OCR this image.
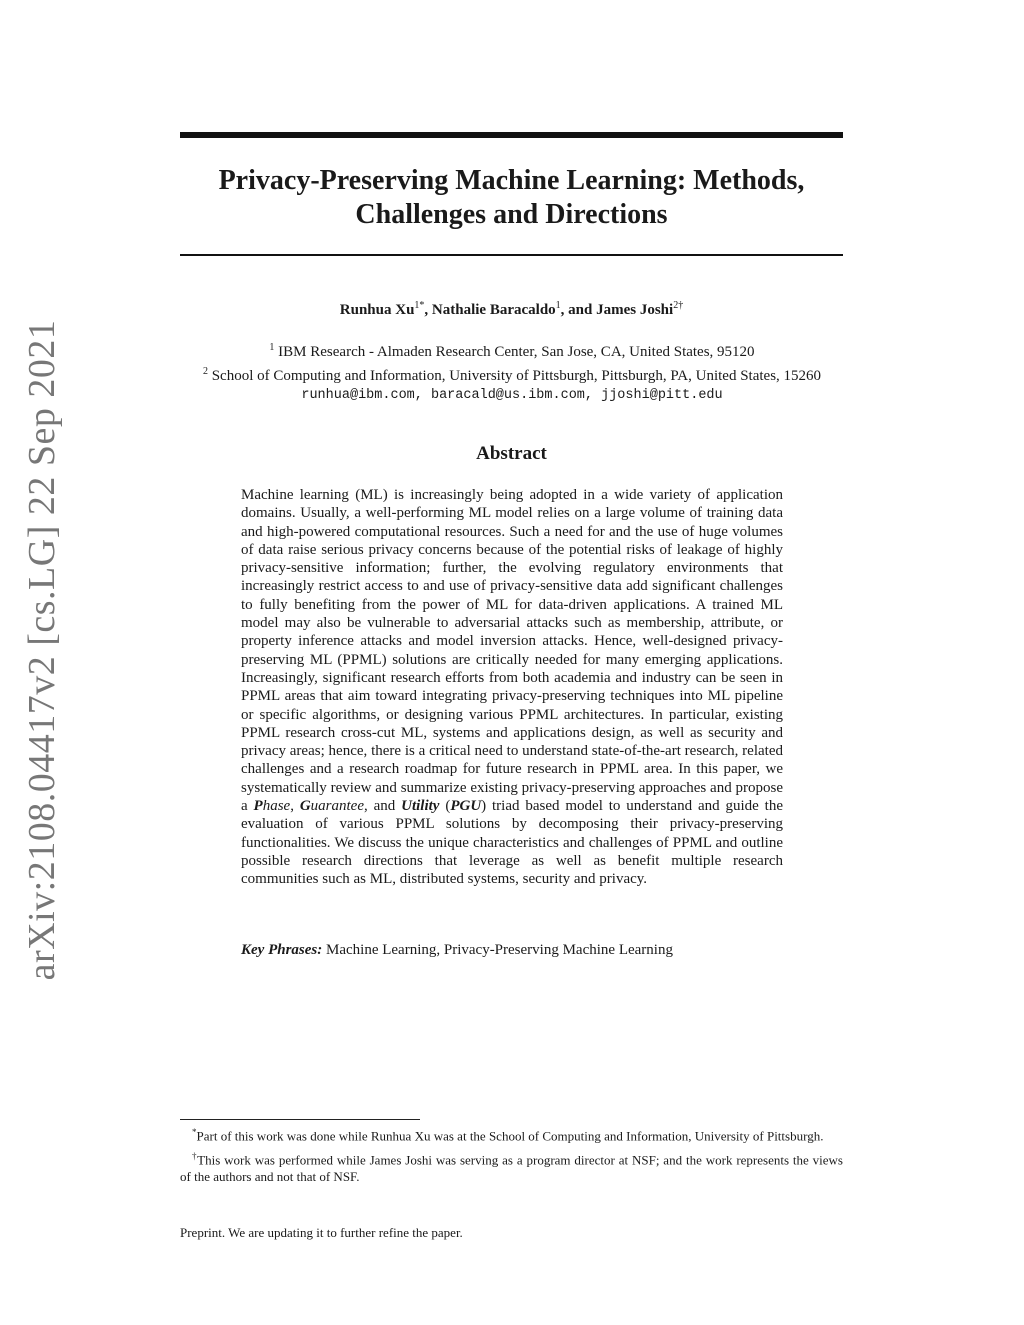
arXiv:2108.04417v2 [cs.LG] 22 Sep 2021
Privacy-Preserving Machine Learning: Methods,
Challenges and Directions
Runhua $Xu^{1*}$, Nathalie Baracaldo$^1$, and James Joshi$^{2\dagger}$
$^1$ IBM Research - Almaden Research Center, San Jose, CA, United States, 95120
$^2$ School of Computing and Information, University of Pittsburgh, Pittsburgh, PA, United States, 15260
runhua@ibm.com, baracald@us.ibm.com, jjoshi@pitt.edu
Abstract

Machine learning (ML) is increasingly being adopted in a wide variety of application domains. Usually, a well-performing ML model relies on a large volume of training data and high-powered computational resources. Such a need for and the use of huge volumes of data raise serious privacy concerns because of the potential risks of leakage of highly privacy-sensitive information; further, the evolving regulatory environments that increasingly restrict access to and use of privacy-sensitive data add significant challenges to fully benefiting from the power of ML for data-driven applications. A trained ML model may also be vulnerable to adversarial attacks such as membership, attribute, or property inference attacks and model inversion attacks. Hence, well-designed privacy-preserving ML (PPML) solutions are critically needed for many emerging applications. Increasingly, significant research efforts from both academia and industry can be seen in PPML areas that aim toward integrating privacy-preserving techniques into ML pipeline or specific algorithms, or designing various PPML architectures. In particular, existing PPML research cross-cut ML, systems and applications design, as well as security and privacy areas; hence, there is a critical need to understand state-of-the-art research, related challenges and a research roadmap for future research in PPML area. In this paper, we systematically review and summarize existing privacy-preserving approaches and propose a Phase, Guarantee, and Utility (PGU) triad based model to understand and guide the evaluation of various PPML solutions by decomposing their privacy-preserving functionalities. We discuss the unique characteristics and challenges of PPML and outline possible research directions that leverage as well as benefit multiple research communities such as ML, distributed systems, security and privacy.

Key Phrases: Machine Learning, Privacy-Preserving Machine Learning

*Part of this work was done while Runhua Xu was at the School of Computing and Information, University of Pittsburgh.

†This work was performed while James Joshi was serving as a program director at NSF; and the work represents the views of the authors and not that of NSF.

Preprint. We are updating it to further refine the paper.
